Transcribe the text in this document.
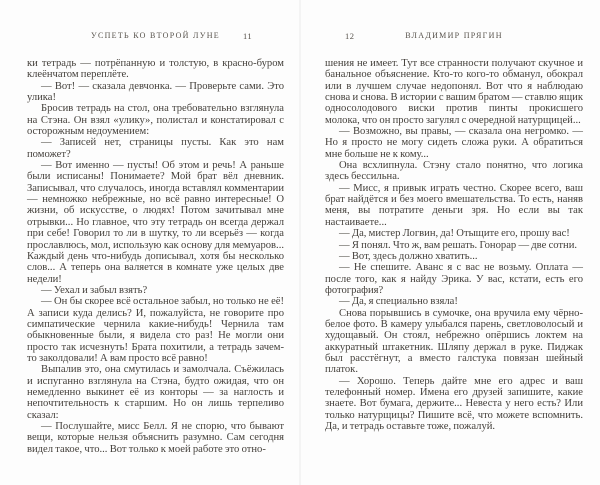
УСПЕТЬ КО ВТОРОЙ ЛУНЕ	11

ки тетрадь — потрёпанную и толстую, в красно-буром клеёнчатом переплёте.

— Вот! — сказала девчонка. — Проверьте сами. Это улика!

Бросив тетрадь на стол, она требовательно взглянула на Стэна. Он взял «улику», полистал и констатировал с осторожным недоумением:

— Записей нет, страницы пусты. Как это нам поможет?

— Вот именно — пусты! Об этом и речь! А раньше были исписаны! Понимаете? Мой брат вёл дневник. Записывал, что случалось, иногда вставлял комментарии — немножко небрежные, но всё равно интересные! О жизни, об искусстве, о людях! Потом зачитывал мне отрывки... Но главное, что эту тетрадь он всегда держал при себе! Говорил то ли в шутку, то ли всерьёз — когда прославлюсь, мол, использую как основу для мемуаров... Каждый день что-нибудь дописывал, хотя бы несколько слов... А теперь она валяется в комнате уже целых две недели!

— Уехал и забыл взять?

— Он бы скорее всё остальное забыл, но только не её! А записи куда делись? И, пожалуйста, не говорите про симпатические чернила какие-нибудь! Чернила там обыкновенные были, я видела сто раз! Не могли они просто так исчезнуть! Брата похитили, а тетрадь зачем-то заколдовали! А вам просто всё равно!

Выпалив это, она смутилась и замолчала. Съёжилась и испуганно взглянула на Стэна, будто ожидая, что он немедленно выкинет её из конторы — за наглость и непочтительность к старшим. Но он лишь терпеливо сказал:

— Послушайте, мисс Белл. Я не спорю, что бывают вещи, которые нельзя объяснить разумно. Сам сегодня видел такое, что... Вот только к моей работе это отно-

ВЛАДИМИР ПРЯГИН
12

шения не имеет. Тут все странности получают скучное и банальное объяснение. Кто-то кого-то обманул, обокрал или в лучшем случае недопонял. Вот что я наблюдаю снова и снова. В истории с вашим братом — ставлю ящик односолодового виски против пинты прокисшего молока, что он просто загулял с очередной натурщицей...

— Возможно, вы правы, — сказала она негромко. — Но я просто не могу сидеть сложа руки. А обратиться мне больше не к кому...

Она всхлипнула. Стэну стало понятно, что логика здесь бессильна.

— Мисс, я привык играть честно. Скорее всего, ваш брат найдётся и без моего вмешательства. То есть, наняв меня, вы потратите деньги зря. Но если вы так настаиваете...

— Да, мистер Логвин, да! Отыщите его, прошу вас!

— Я понял. Что ж, вам решать. Гонорар — две сотни.

— Вот, здесь должно хватить...

— Не спешите. Аванс я с вас не возьму. Оплата — после того, как я найду Эрика. У вас, кстати, есть его фотография?

— Да, я специально взяла!

Снова порывшись в сумочке, она вручила ему чёрно-белое фото. В камеру улыбался парень, светловолосый и худощавый. Он стоял, небрежно опёршись локтем на аккуратный штакетник. Шляпу держал в руке. Пиджак был расстёгнут, а вместо галстука повязан шейный платок.

— Хорошо. Теперь дайте мне его адрес и ваш телефонный номер. Имена его друзей запишите, какие знаете. Вот бумага, держите... Невеста у него есть? Или только натурщицы? Пишите всё, что можете вспомнить. Да, и тетрадь оставьте тоже, пожалуй.
